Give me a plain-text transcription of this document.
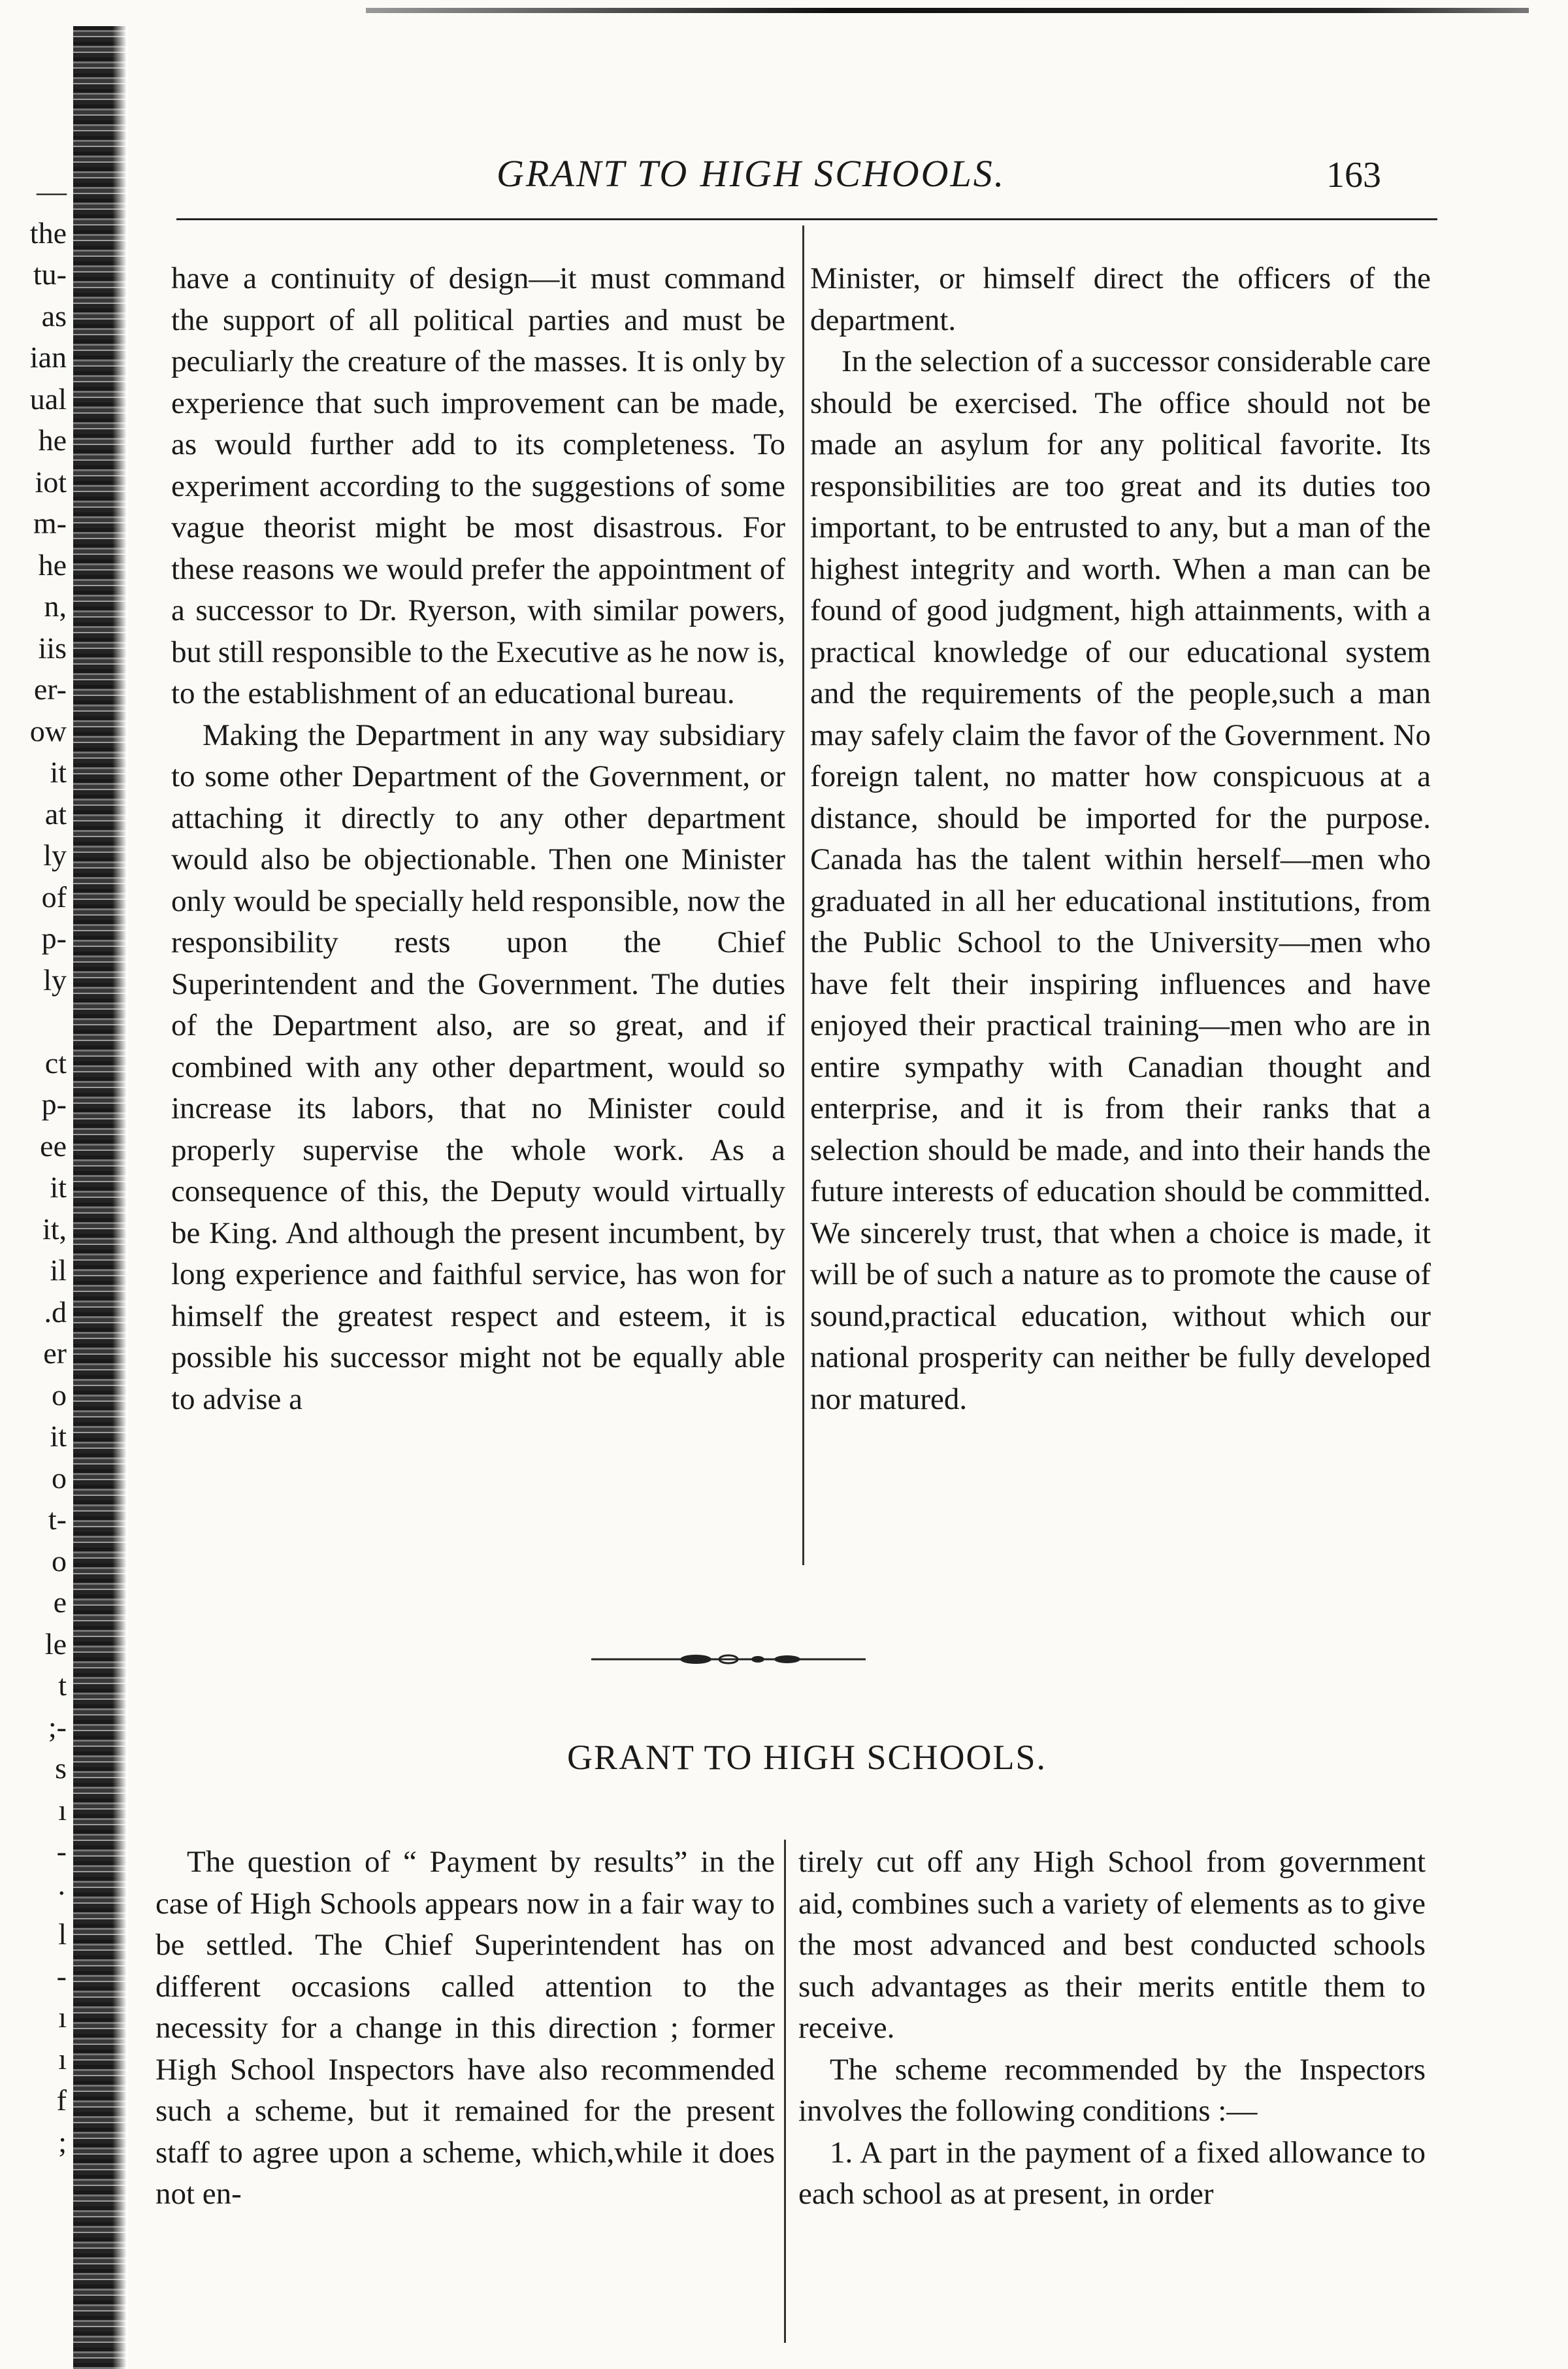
—
the
tu-
as
ian
ual
he
iot
m-
he
n,
iis
er-
ow
it
at
ly
of
p-
ly
ct
p-
ee
it
it,
il
.d
er
o
it
o
t-
o
e
le
t
;-
s
ı
-
·
l
-
ı
ı
f
;
GRANT TO HIGH SCHOOLS.	163

have a continuity of design—it must command the support of all political parties and must be peculiarly the creature of the masses. It is only by experience that such improvement can be made, as would further add to its completeness. To experiment according to the suggestions of some vague theorist might be most disastrous. For these reasons we would prefer the appointment of a successor to Dr. Ryerson, with similar powers, but still responsible to the Executive as he now is, to the establishment of an educational bureau.

Making the Department in any way subsidiary to some other Department of the Government, or attaching it directly to any other department would also be objectionable. Then one Minister only would be specially held responsible, now the responsibility rests upon the Chief Superintendent and the Government. The duties of the Department also, are so great, and if combined with any other department, would so increase its labors, that no Minister could properly supervise the whole work. As a consequence of this, the Deputy would virtually be King. And although the present incumbent, by long experience and faithful service, has won for himself the greatest respect and esteem, it is possible his successor might not be equally able to advise a

Minister, or himself direct the officers of the department.

In the selection of a successor considerable care should be exercised. The office should not be made an asylum for any political favorite. Its responsibilities are too great and its duties too important, to be entrusted to any, but a man of the highest integrity and worth. When a man can be found of good judgment, high attainments, with a practical knowledge of our educational system and the requirements of the people,such a man may safely claim the favor of the Government. No foreign talent, no matter how conspicuous at a distance, should be imported for the purpose. Canada has the talent within herself—men who graduated in all her educational institutions, from the Public School to the University—men who have felt their inspiring influences and have enjoyed their practical training—men who are in entire sympathy with Canadian thought and enterprise, and it is from their ranks that a selection should be made, and into their hands the future interests of education should be committed. We sincerely trust, that when a choice is made, it will be of such a nature as to promote the cause of sound,practical education, without which our national prosperity can neither be fully developed nor matured.

GRANT TO HIGH SCHOOLS.

The question of “ Payment by results” in the case of High Schools appears now in a fair way to be settled. The Chief Superintendent has on different occasions called attention to the necessity for a change in this direction ; former High School Inspectors have also recommended such a scheme, but it remained for the present staff to agree upon a scheme, which,while it does not en-

tirely cut off any High School from government aid, combines such a variety of elements as to give the most advanced and best conducted schools such advantages as their merits entitle them to receive.

The scheme recommended by the Inspectors involves the following conditions :—

1. A part in the payment of a fixed allowance to each school as at present, in order
